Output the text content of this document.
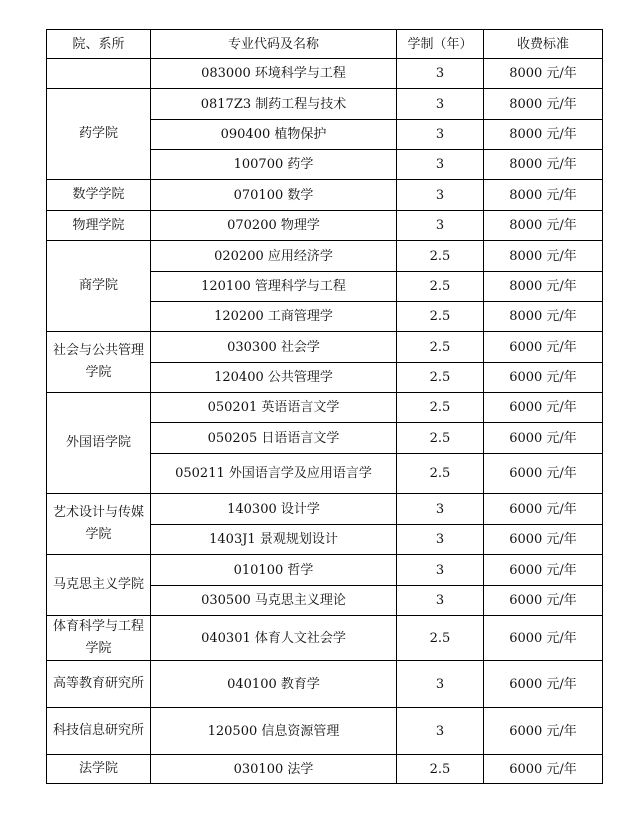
院、系所	专业代码及名称	学制（年）	收费标准
	083000 环境科学与工程	3	8000 元/年
药学院	0817Z3 制药工程与技术	3	8000 元/年
	090400 植物保护	3	8000 元/年
	100700 药学	3	8000 元/年
数学学院	070100 数学	3	8000 元/年
物理学院	070200 物理学	3	8000 元/年
商学院	020200 应用经济学	2.5	8000 元/年
	120100 管理科学与工程	2.5	8000 元/年
	120200 工商管理学	2.5	8000 元/年
社会与公共管理学院	030300 社会学	2.5	6000 元/年
	120400 公共管理学	2.5	6000 元/年
外国语学院	050201 英语语言文学	2.5	6000 元/年
	050205 日语语言文学	2.5	6000 元/年
	050211 外国语言学及应用语言学	2.5	6000 元/年
艺术设计与传媒学院	140300 设计学	3	6000 元/年
	1403J1 景观规划设计	3	6000 元/年
马克思主义学院	010100 哲学	3	6000 元/年
	030500 马克思主义理论	3	6000 元/年
体育科学与工程学院	040301 体育人文社会学	2.5	6000 元/年
高等教育研究所	040100 教育学	3	6000 元/年
科技信息研究所	120500 信息资源管理	3	6000 元/年
法学院	030100 法学	2.5	6000 元/年
